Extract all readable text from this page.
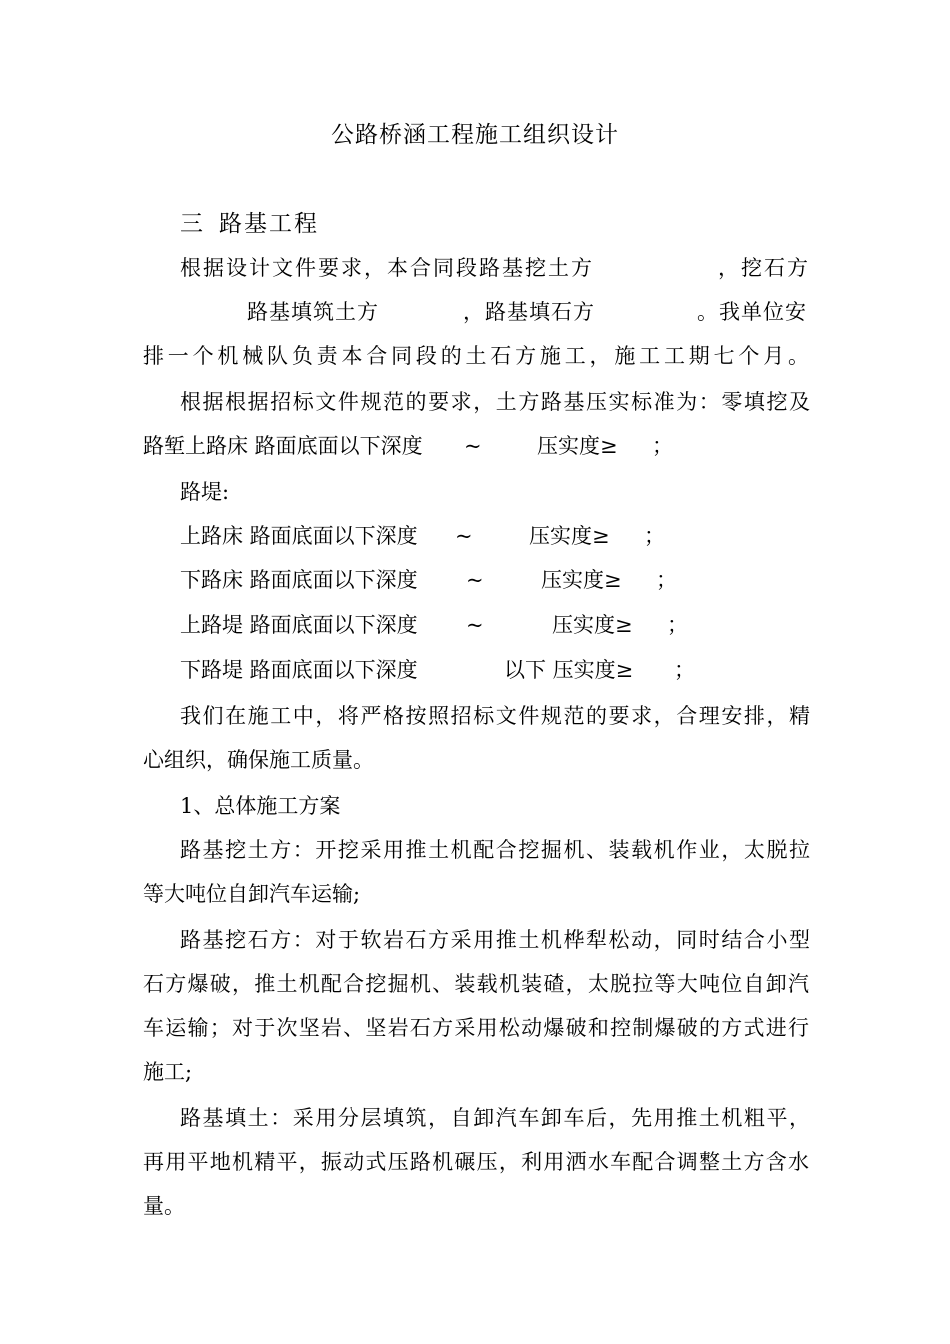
公路桥涵工程施工组织设计
三 路基工程
根据设计文件要求，本合同段路基挖土方	，挖石方
路基填筑土方	，路基填石方	。我单位安
排一个机械队负责本合同段的土石方施工，施工工期七个月。
根据根据招标文件规范的要求，土方路基压实标准为：零填挖及
路堑上路床 路面底面以下深度 ~	压实度≥ ；
路堤:
上路床 路面底面以下深度 ~	压实度≥ ；
下路床 路面底面以下深度 ~	压实度≥ ；
上路堤 路面底面以下深度 ~	压实度≥ ；
下路堤 路面底面以下深度	以下 压实度≥ ；
我们在施工中，将严格按照招标文件规范的要求，合理安排，精
心组织，确保施工质量。
1、总体施工方案
路基挖土方：开挖采用推土机配合挖掘机、装载机作业，太脱拉
等大吨位自卸汽车运输;
路基挖石方：对于软岩石方采用推土机桦犁松动，同时结合小型
石方爆破，推土机配合挖掘机、装载机装碴，太脱拉等大吨位自卸汽
车运输；对于次坚岩、坚岩石方采用松动爆破和控制爆破的方式进行
施工;
路基填土：采用分层填筑，自卸汽车卸车后，先用推土机粗平，
再用平地机精平，振动式压路机碾压，利用洒水车配合调整土方含水
量。
